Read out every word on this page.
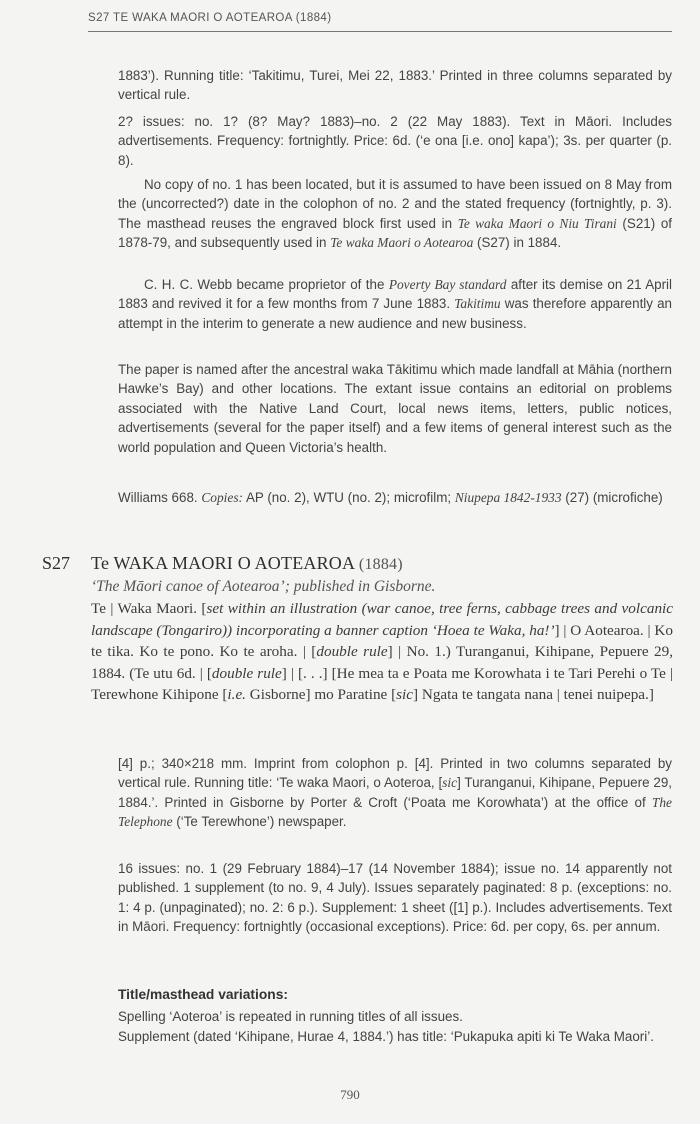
S27 TE WAKA MAORI O AOTEAROA (1884)

1883’). Running title: ‘Takitimu, Turei, Mei 22, 1883.’ Printed in three columns separated by vertical rule.

2? issues: no. 1? (8? May? 1883)–no. 2 (22 May 1883). Text in Māori. Includes advertisements. Frequency: fortnightly. Price: 6d. (‘e ona [i.e. ono] kapa’); 3s. per quarter (p. 8).

No copy of no. 1 has been located, but it is assumed to have been issued on 8 May from the (uncorrected?) date in the colophon of no. 2 and the stated frequency (fortnightly, p. 3). The masthead reuses the engraved block first used in Te waka Maori o Niu Tirani (S21) of 1878-79, and subsequently used in Te waka Maori o Aotearoa (S27) in 1884.

C. H. C. Webb became proprietor of the Poverty Bay standard after its demise on 21 April 1883 and revived it for a few months from 7 June 1883. Takitimu was therefore apparently an attempt in the interim to generate a new audience and new business.

The paper is named after the ancestral waka Tākitimu which made landfall at Māhia (northern Hawke’s Bay) and other locations. The extant issue contains an editorial on problems associated with the Native Land Court, local news items, letters, public notices, advertisements (several for the paper itself) and a few items of general interest such as the world population and Queen Victoria’s health.

Williams 668. Copies: AP (no. 2), WTU (no. 2); microfilm; Niupepa 1842-1933 (27) (microfiche)

S27 Te WAKA MAORI O AOTEAROA (1884)
‘The Māori canoe of Aotearoa’; published in Gisborne.

Te | Waka Maori. [set within an illustration (war canoe, tree ferns, cabbage trees and volcanic landscape (Tongariro)) incorporating a banner caption ‘Hoea te Waka, ha!’] | O Aotearoa. | Ko te tika. Ko te pono. Ko te aroha. | [double rule] | No. 1.) Turanganui, Kihipane, Pepuere 29, 1884. (Te utu 6d. | [double rule] | [. . .] [He mea ta e Poata me Korowhata i te Tari Perehi o Te | Terewhone Kihipone [i.e. Gisborne] mo Paratine [sic] Ngata te tangata nana | tenei nuipepa.]

[4] p.; 340×218 mm. Imprint from colophon p. [4]. Printed in two columns separated by vertical rule. Running title: ‘Te waka Maori, o Aoteroa, [sic] Turanganui, Kihipane, Pepuere 29, 1884.’. Printed in Gisborne by Porter & Croft (‘Poata me Korowhata’) at the office of The Telephone (‘Te Terewhone’) newspaper.

16 issues: no. 1 (29 February 1884)–17 (14 November 1884); issue no. 14 apparently not published. 1 supplement (to no. 9, 4 July). Issues separately paginated: 8 p. (exceptions: no. 1: 4 p. (unpaginated); no. 2: 6 p.). Supplement: 1 sheet ([1] p.). Includes advertisements. Text in Māori. Frequency: fortnightly (occasional exceptions). Price: 6d. per copy, 6s. per annum.

Title/masthead variations:

Spelling ‘Aoteroa’ is repeated in running titles of all issues.

Supplement (dated ‘Kihipane, Hurae 4, 1884.’) has title: ‘Pukapuka apiti ki Te Waka Maori’.

790
